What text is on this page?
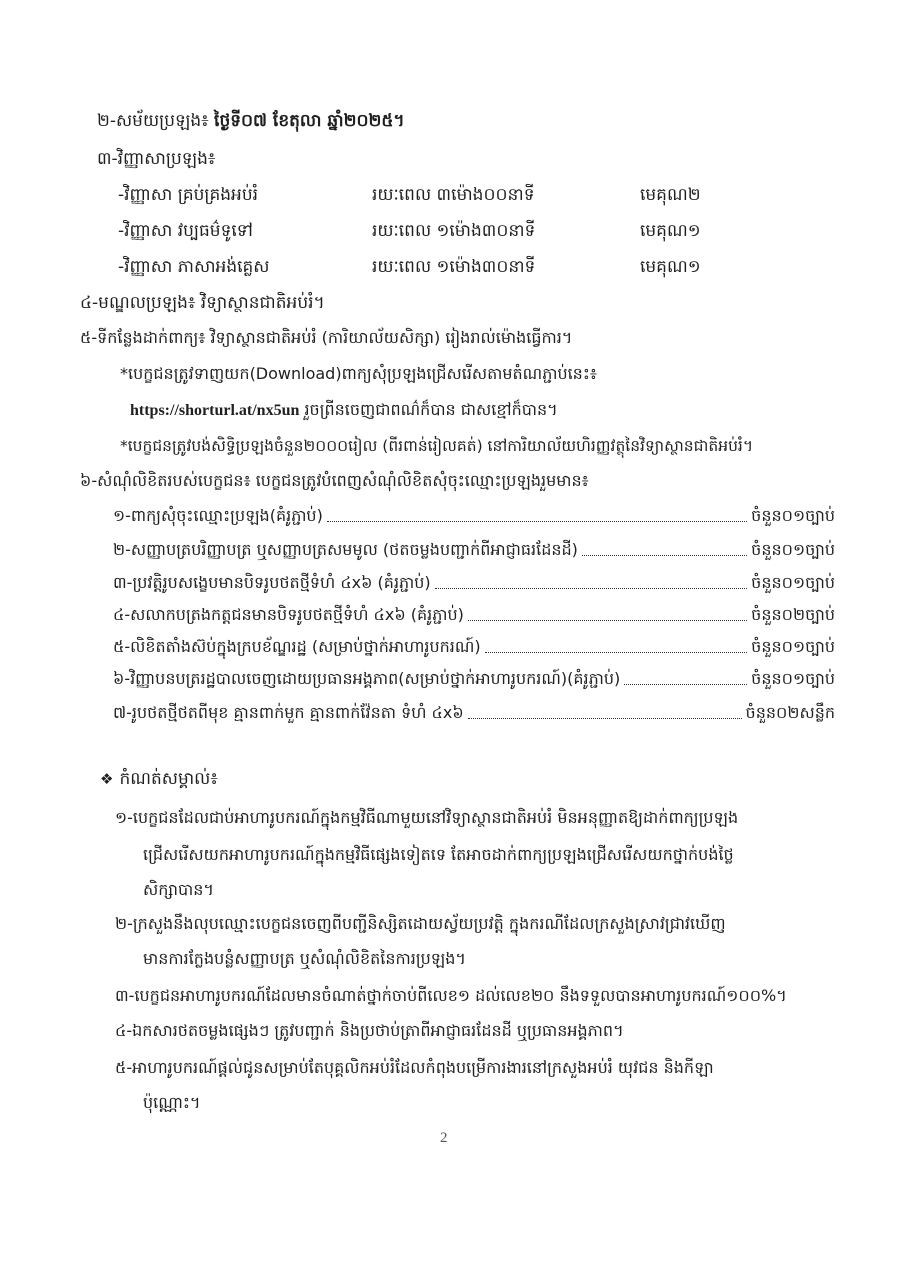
២-សម័យប្រឡង៖ ថ្ងៃទី០៧ ខែតុលា ឆ្នាំ២០២៥។
៣-វិញ្ញាសាប្រឡង៖
-វិញ្ញាសា គ្រប់គ្រងអប់រំ	រយៈពេល ៣ម៉ោង០០នាទី	មេគុណ២
-វិញ្ញាសា វប្បធម៌ទូទៅ	រយៈពេល ១ម៉ោង៣០នាទី	មេគុណ១
-វិញ្ញាសា ភាសាអង់គ្លេស	រយៈពេល ១ម៉ោង៣០នាទី	មេគុណ១
៤-មណ្ឌលប្រឡង៖ វិទ្យាស្ថានជាតិអប់រំ។
៥-ទីកន្លែងដាក់ពាក្យ៖ វិទ្យាស្ថានជាតិអប់រំ (ការិយាល័យសិក្សា) រៀងរាល់ម៉ោងធ្វើការ។
*បេក្ខជនត្រូវទាញយក(Download)ពាក្យសុំប្រឡងជ្រើសរើសតាមតំណភ្ជាប់នេះ៖
https://shorturl.at/nx5un រួចព្រីនចេញជាពណ៌ក៏បាន ជាសខ្មៅក៏បាន។
*បេក្ខជនត្រូវបង់សិទ្ធិប្រឡងចំនួន២០០០រៀល (ពីរពាន់រៀលគត់) នៅការិយាល័យហិរញ្ញវត្ថុនៃវិទ្យាស្ថានជាតិអប់រំ។
៦-សំណុំលិខិតរបស់បេក្ខជន៖ បេក្ខជនត្រូវបំពេញសំណុំលិខិតសុំចុះឈ្មោះប្រឡងរួមមាន៖
១-ពាក្យសុំចុះឈ្មោះប្រឡង(គំរូភ្ជាប់)	ចំនួន០១ច្បាប់
២-សញ្ញាបត្របរិញ្ញាបត្រ ឬសញ្ញាបត្រសមមូល (ថតចម្លងបញ្ជាក់ពីអាជ្ញាធរដែនដី)	ចំនួន០១ច្បាប់
៣-ប្រវត្តិរូបសង្ខេបមានបិទរូបថតថ្មីទំហំ ៤x៦ (គំរូភ្ជាប់)	ចំនួន០១ច្បាប់
៤-សលាកបត្រងកត្តជនមានបិទរូបថតថ្មីទំហំ ៤x៦ (គំរូភ្ជាប់)	ចំនួន០២ច្បាប់
៥-លិខិតតាំងស៊ប់ក្នុងក្របខ័ណ្ឌរដ្ឋ (សម្រាប់ថ្នាក់អាហារូបករណ៍)	ចំនួន០១ច្បាប់
៦-វិញ្ញាបនបត្ររដ្ឋបាលចេញដោយប្រធានអង្គភាព(សម្រាប់ថ្នាក់អាហារូបករណ៍)(គំរូភ្ជាប់)	ចំនួន០១ច្បាប់
៧-រូបថតថ្មីថតពីមុខ គ្មានពាក់មួក គ្មានពាក់វ៉ែនតា ទំហំ ៤x៦	ចំនួន០២សន្លឹក
❖ កំណត់សម្គាល់៖
១-បេក្ខជនដែលជាប់អាហារូបករណ៍ក្នុងកម្មវិធីណាមួយនៅវិទ្យាស្ថានជាតិអប់រំ មិនអនុញ្ញាតឱ្យដាក់ពាក្យប្រឡង
ជ្រើសរើសយកអាហារូបករណ៍ក្នុងកម្មវិធីផ្សេងទៀតទេ តែអាចដាក់ពាក្យប្រឡងជ្រើសរើសយកថ្នាក់បង់ថ្លៃ
សិក្សាបាន។
២-ក្រសួងនឹងលុបឈ្មោះបេក្ខជនចេញពីបញ្ជីនិស្សិតដោយស្វ័យប្រវត្តិ ក្នុងករណីដែលក្រសួងស្រាវជ្រាវឃើញ
មានការក្លែងបន្លំសញ្ញាបត្រ ឬសំណុំលិខិតនៃការប្រឡង។
៣-បេក្ខជនអាហារូបករណ៍ដែលមានចំណាត់ថ្នាក់ចាប់ពីលេខ១ ដល់លេខ២០ នឹងទទួលបានអាហារូបករណ៍១០០%។
៤-ឯកសារថតចម្លងផ្សេងៗ ត្រូវបញ្ជាក់ និងប្រថាប់ត្រាពីអាជ្ញាធរដែនដី ឬប្រធានអង្គភាព។
៥-អាហារូបករណ៍ផ្តល់ជូនសម្រាប់តែបុគ្គលិកអប់រំដែលកំពុងបម្រើការងារនៅក្រសួងអប់រំ យុវជន និងកីឡា
ប៉ុណ្ណោះ។
2
